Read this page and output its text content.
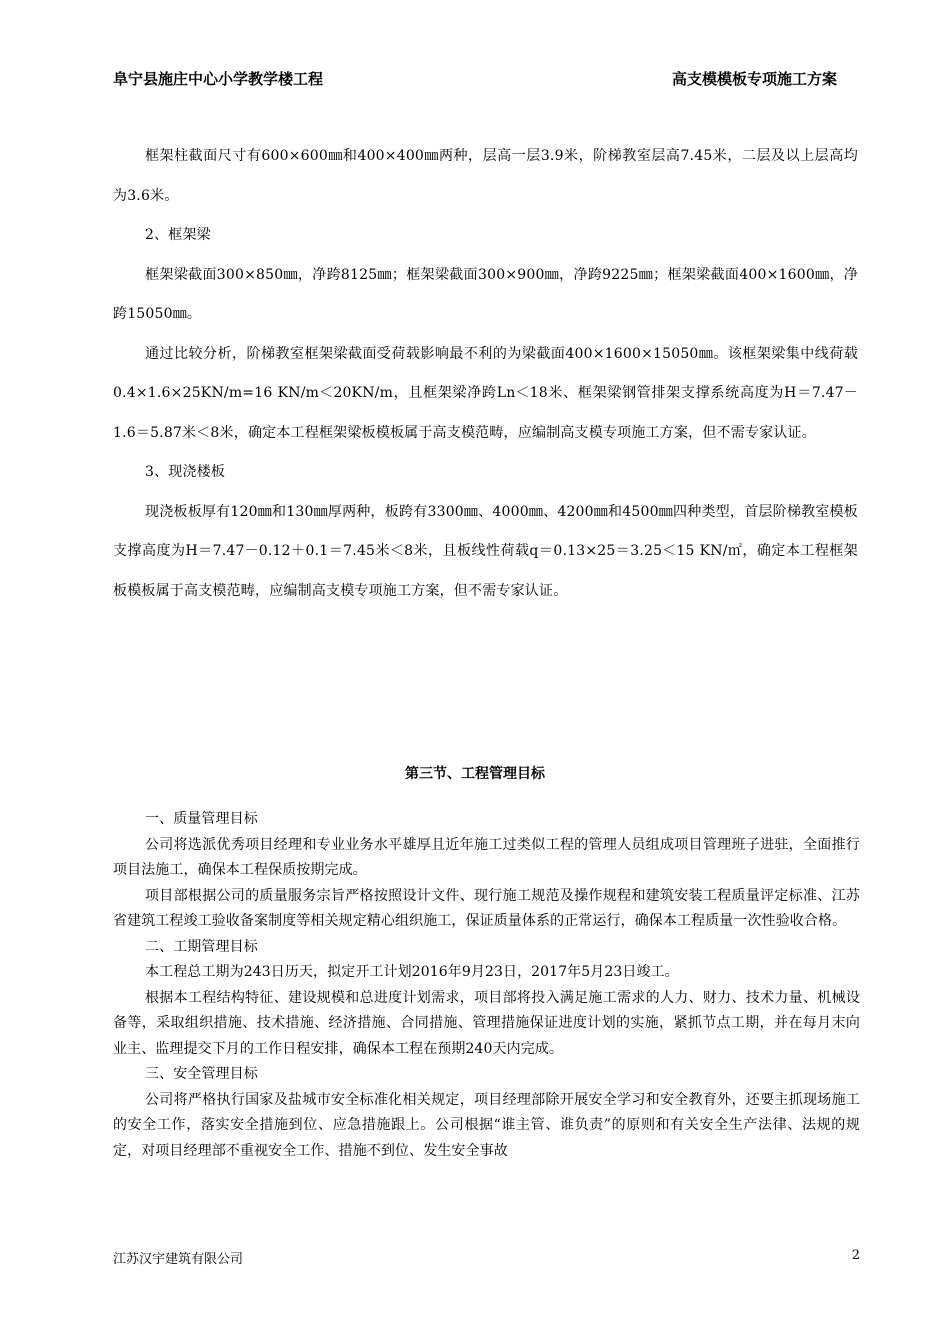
阜宁县施庄中心小学教学楼工程	高支模模板专项施工方案

框架柱截面尺寸有600×600㎜和400×400㎜两种，层高一层3.9米，阶梯教室层高7.45米，二层及以上层高均为3.6米。

2、框架梁

框架梁截面300×850㎜，净跨8125㎜；框架梁截面300×900㎜，净跨9225㎜；框架梁截面400×1600㎜，净跨15050㎜。

通过比较分析，阶梯教室框架梁截面受荷载影响最不利的为梁截面400×1600×15050㎜。该框架梁集中线荷载0.4×1.6×25KN/m=16 KN/m＜20KN/m，且框架梁净跨Ln＜18米、框架梁钢管排架支撑系统高度为H＝7.47－1.6＝5.87米＜8米，确定本工程框架梁板模板属于高支模范畴，应编制高支模专项施工方案，但不需专家认证。

3、现浇楼板

现浇板板厚有120㎜和130㎜厚两种，板跨有3300㎜、4000㎜、4200㎜和4500㎜四种类型，首层阶梯教室模板支撑高度为H＝7.47－0.12＋0.1＝7.45米＜8米，且板线性荷载q＝0.13×25＝3.25＜15 KN/㎡，确定本工程框架板模板属于高支模范畴，应编制高支模专项施工方案，但不需专家认证。

第三节、工程管理目标

一、质量管理目标

公司将选派优秀项目经理和专业业务水平雄厚且近年施工过类似工程的管理人员组成项目管理班子进驻，全面推行项目法施工，确保本工程保质按期完成。

项目部根据公司的质量服务宗旨严格按照设计文件、现行施工规范及操作规程和建筑安装工程质量评定标准、江苏省建筑工程竣工验收备案制度等相关规定精心组织施工，保证质量体系的正常运行，确保本工程质量一次性验收合格。

二、工期管理目标

本工程总工期为243日历天，拟定开工计划2016年9月23日，2017年5月23日竣工。

根据本工程结构特征、建设规模和总进度计划需求，项目部将投入满足施工需求的人力、财力、技术力量、机械设备等，采取组织措施、技术措施、经济措施、合同措施、管理措施保证进度计划的实施，紧抓节点工期，并在每月末向业主、监理提交下月的工作日程安排，确保本工程在预期240天内完成。

三、安全管理目标

公司将严格执行国家及盐城市安全标准化相关规定，项目经理部除开展安全学习和安全教育外，还要主抓现场施工的安全工作，落实安全措施到位、应急措施跟上。公司根据“谁主管、谁负责”的原则和有关安全生产法律、法规的规定，对项目经理部不重视安全工作、措施不到位、发生安全事故

江苏汉宇建筑有限公司	2
